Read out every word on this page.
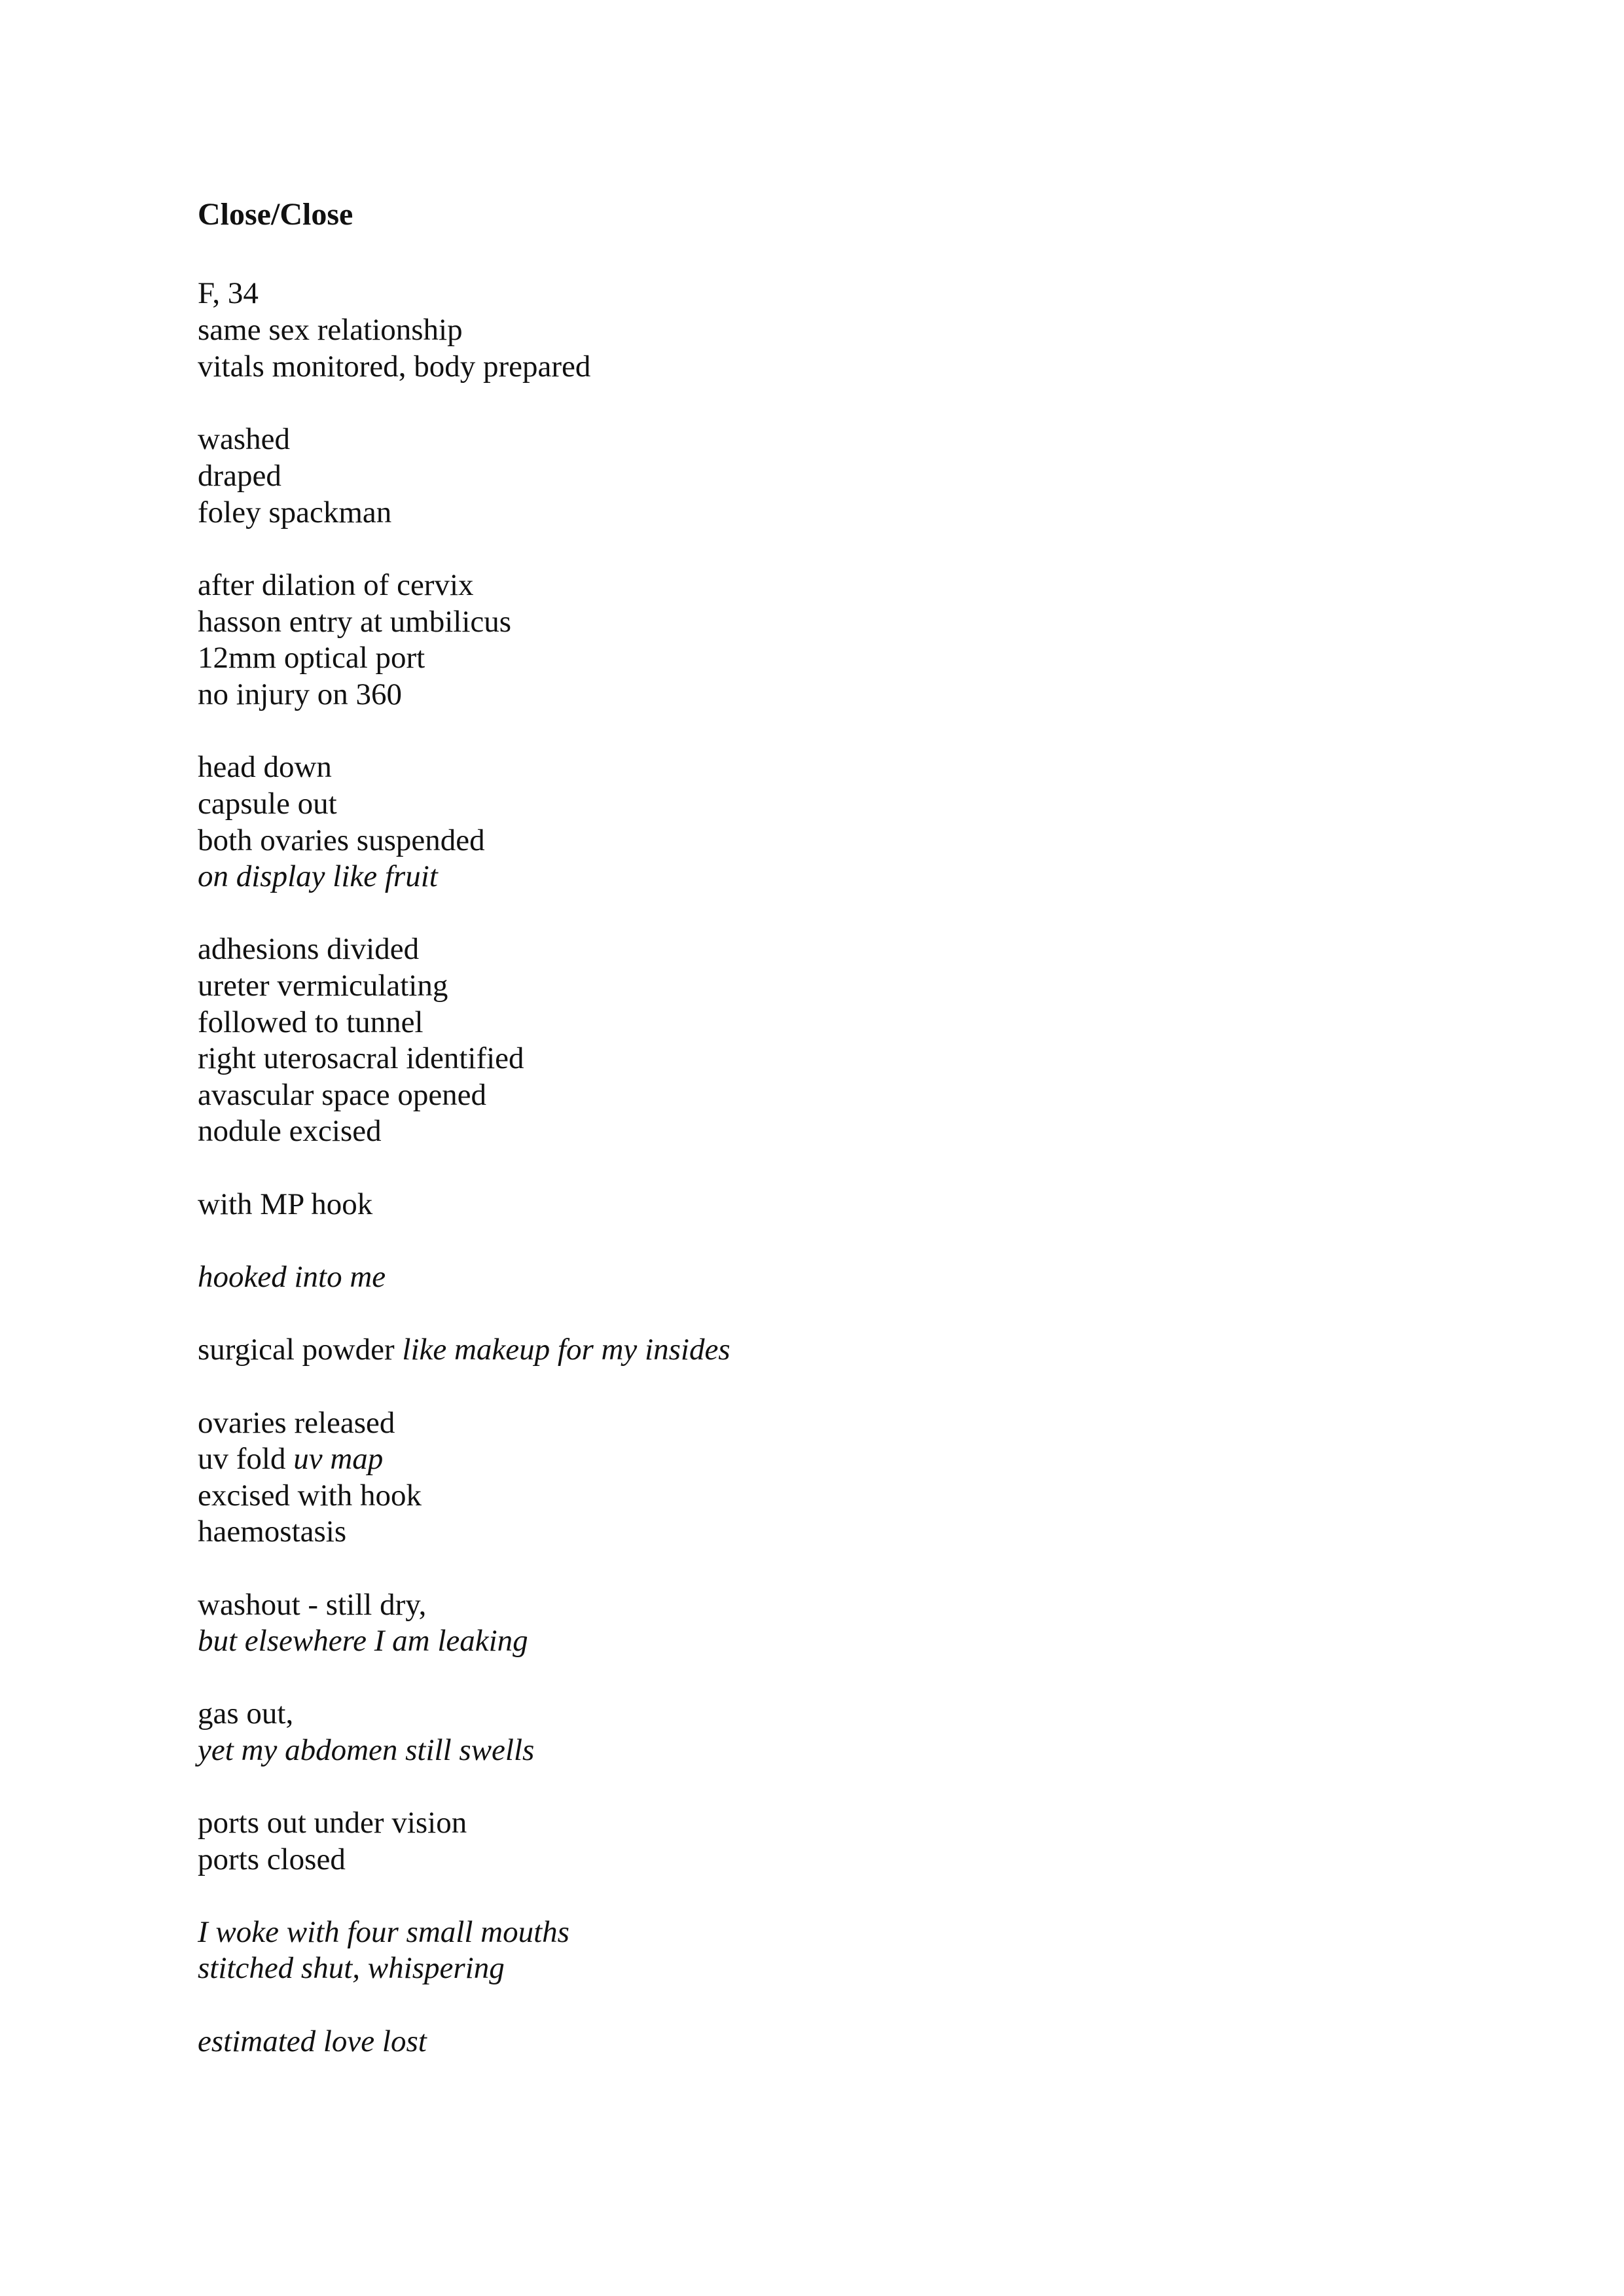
Close/Close

F, 34

same sex relationship

vitals monitored, body prepared

washed

draped

foley spackman

after dilation of cervix

hasson entry at umbilicus

12mm optical port

no injury on 360

head down

capsule out

both ovaries suspended

on display like fruit

adhesions divided

ureter vermiculating

followed to tunnel

right uterosacral identified

avascular space opened

nodule excised

with MP hook

hooked into me

surgical powder like makeup for my insides

ovaries released

uv fold uv map

excised with hook

haemostasis

washout - still dry,

but elsewhere I am leaking

gas out,

yet my abdomen still swells

ports out under vision

ports closed

I woke with four small mouths

stitched shut, whispering

estimated love lost
